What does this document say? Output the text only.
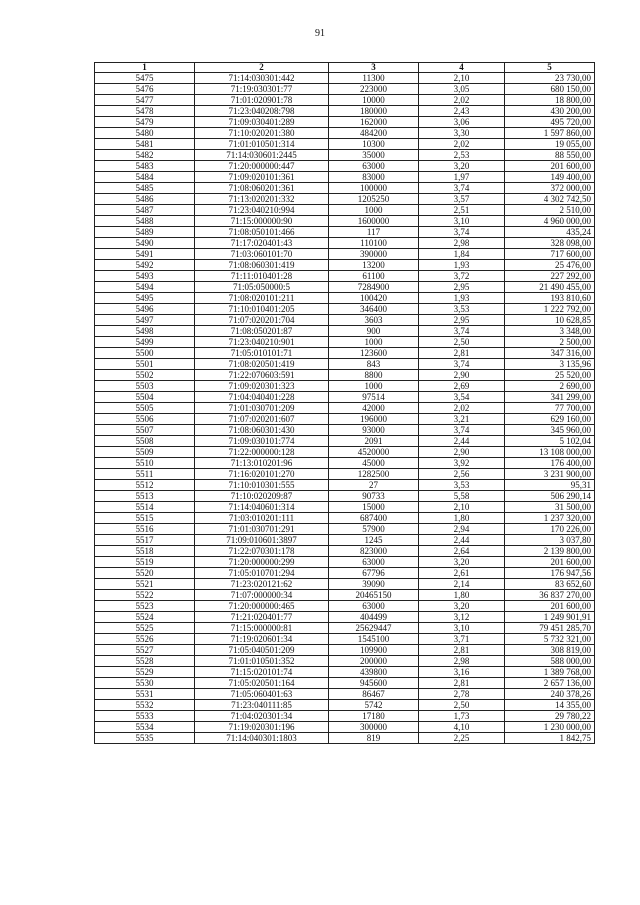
91
1	2	3	4	5
5475	71:14:030301:442	11300	2,10	23 730,00
5476	71:19:030301:77	223000	3,05	680 150,00
5477	71:01:020901:78	10000	2,02	18 800,00
5478	71:23:040208:798	180000	2,43	430 200,00
5479	71:09:030401:289	162000	3,06	495 720,00
5480	71:10:020201:380	484200	3,30	1 597 860,00
5481	71:01:010501:314	10300	2,02	19 055,00
5482	71:14:030601:2445	35000	2,53	88 550,00
5483	71:20:000000:447	63000	3,20	201 600,00
5484	71:09:020101:361	83000	1,97	149 400,00
5485	71:08:060201:361	100000	3,74	372 000,00
5486	71:13:020201:332	1205250	3,57	4 302 742,50
5487	71:23:040210:994	1000	2,51	2 510,00
5488	71:15:000000:90	1600000	3,10	4 960 000,00
5489	71:08:050101:466	117	3,74	435,24
5490	71:17:020401:43	110100	2,98	328 098,00
5491	71:03:060101:70	390000	1,84	717 600,00
5492	71:08:060301:419	13200	1,93	25 476,00
5493	71:11:010401:28	61100	3,72	227 292,00
5494	71:05:050000:5	7284900	2,95	21 490 455,00
5495	71:08:020101:211	100420	1,93	193 810,60
5496	71:10:010401:205	346400	3,53	1 222 792,00
5497	71:07:020201:704	3603	2,95	10 628,85
5498	71:08:050201:87	900	3,74	3 348,00
5499	71:23:040210:901	1000	2,50	2 500,00
5500	71:05:010101:71	123600	2,81	347 316,00
5501	71:08:020501:419	843	3,74	3 135,96
5502	71:22:070603:591	8800	2,90	25 520,00
5503	71:09:020301:323	1000	2,69	2 690,00
5504	71:04:040401:228	97514	3,54	341 299,00
5505	71:01:030701:209	42000	2,02	77 700,00
5506	71:07:020201:607	196000	3,21	629 160,00
5507	71:08:060301:430	93000	3,74	345 960,00
5508	71:09:030101:774	2091	2,44	5 102,04
5509	71:22:000000:128	4520000	2,90	13 108 000,00
5510	71:13:010201:96	45000	3,92	176 400,00
5511	71:16:020101:270	1282500	2,56	3 231 900,00
5512	71:10:010301:555	27	3,53	95,31
5513	71:10:020209:87	90733	5,58	506 290,14
5514	71:14:040601:314	15000	2,10	31 500,00
5515	71:03:010201:111	687400	1,80	1 237 320,00
5516	71:01:030701:291	57900	2,94	170 226,00
5517	71:09:010601:3897	1245	2,44	3 037,80
5518	71:22:070301:178	823000	2,64	2 139 800,00
5519	71:20:000000:299	63000	3,20	201 600,00
5520	71:05:010701:294	67796	2,61	176 947,56
5521	71:23:020121:62	39090	2,14	83 652,60
5522	71:07:000000:34	20465150	1,80	36 837 270,00
5523	71:20:000000:465	63000	3,20	201 600,00
5524	71:21:020401:77	404499	3,12	1 249 901,91
5525	71:15:000000:81	25629447	3,10	79 451 285,70
5526	71:19:020601:34	1545100	3,71	5 732 321,00
5527	71:05:040501:209	109900	2,81	308 819,00
5528	71:01:010501:352	200000	2,98	588 000,00
5529	71:15:020101:74	439800	3,16	1 389 768,00
5530	71:05:020501:164	945600	2,81	2 657 136,00
5531	71:05:060401:63	86467	2,78	240 378,26
5532	71:23:040111:85	5742	2,50	14 355,00
5533	71:04:020301:34	17180	1,73	29 780,22
5534	71:19:020301:196	300000	4,10	1 230 000,00
5535	71:14:040301:1803	819	2,25	1 842,75
